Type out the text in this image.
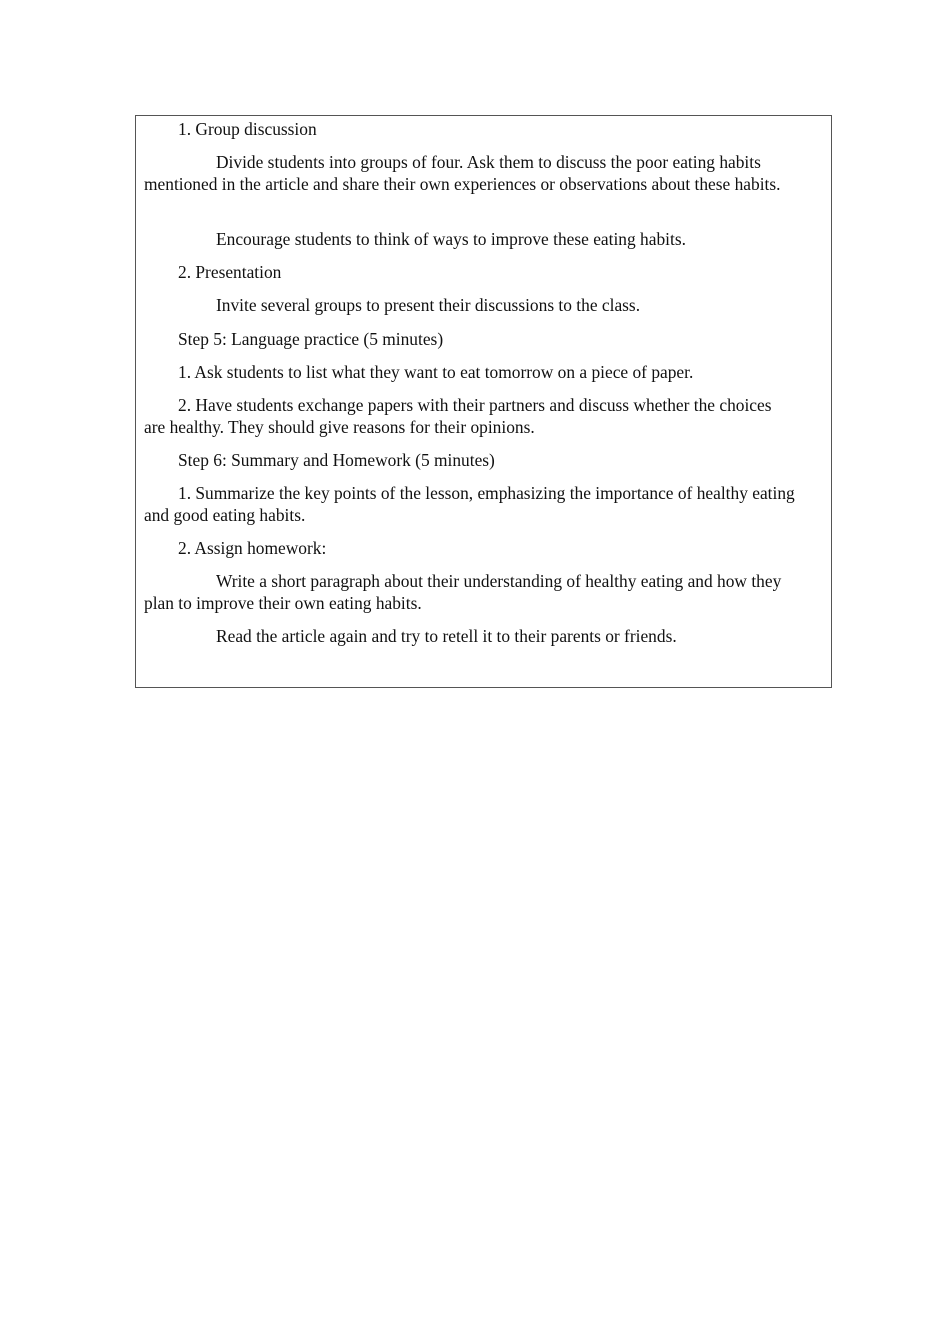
1. Group discussion

Divide students into groups of four. Ask them to discuss the poor eating habits mentioned in the article and share their own experiences or observations about these habits.

Encourage students to think of ways to improve these eating habits.

2. Presentation

Invite several groups to present their discussions to the class.

Step 5: Language practice (5 minutes)

1. Ask students to list what they want to eat tomorrow on a piece of paper.

2. Have students exchange papers with their partners and discuss whether the choices are healthy. They should give reasons for their opinions.

Step 6: Summary and Homework (5 minutes)

1. Summarize the key points of the lesson, emphasizing the importance of healthy eating and good eating habits.

2. Assign homework:

Write a short paragraph about their understanding of healthy eating and how they plan to improve their own eating habits.

Read the article again and try to retell it to their parents or friends.
